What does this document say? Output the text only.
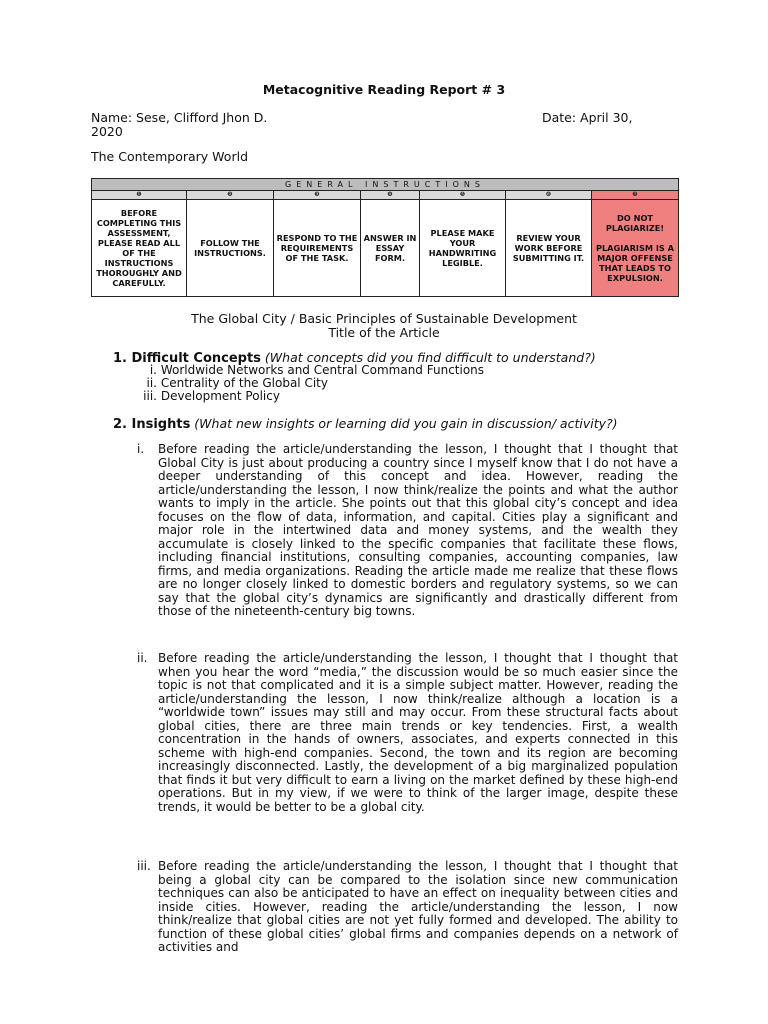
Metacognitive Reading Report # 3
Name: Sese, Clifford Jhon D.	Date: April 30,
2020
The Contemporary World
GENERAL INSTRUCTIONS						
❶	❷	❸	❹	❺	❻	❼
BEFORE COMPLETING THIS ASSESSMENT, PLEASE READ ALL OF THE INSTRUCTIONS THOROUGHLY AND CAREFULLY.	FOLLOW THE INSTRUCTIONS.	RESPOND TO THE REQUIREMENTS OF THE TASK.	ANSWER IN ESSAY FORM.	PLEASE MAKE YOUR HANDWRITING LEGIBLE.	REVIEW YOUR WORK BEFORE SUBMITTING IT.	DO NOT PLAGIARIZE!
PLAGIARISM IS A MAJOR OFFENSE THAT LEADS TO EXPULSION.
The Global City / Basic Principles of Sustainable Development
Title of the Article
1. Difficult Concepts (What concepts did you find difficult to understand?)
i. Worldwide Networks and Central Command Functions
ii. Centrality of the Global City
iii. Development Policy
2. Insights (What new insights or learning did you gain in discussion/ activity?)
i.	Before reading the article/understanding the lesson, I thought that I thought that Global City is just about producing a country since I myself know that I do not have a deeper understanding of this concept and idea. However, reading the article/understanding the lesson, I now think/realize the points and what the author wants to imply in the article. She points out that this global city’s concept and idea focuses on the flow of data, information, and capital. Cities play a significant and major role in the intertwined data and money systems, and the wealth they accumulate is closely linked to the specific companies that facilitate these flows, including financial institutions, consulting companies, accounting companies, law firms, and media organizations. Reading the article made me realize that these flows are no longer closely linked to domestic borders and regulatory systems, so we can say that the global city’s dynamics are significantly and drastically different from those of the nineteenth-century big towns.
ii. Before reading the article/understanding the lesson, I thought that I thought that when you hear the word “media,” the discussion would be so much easier since the topic is not that complicated and it is a simple subject matter. However, reading the article/understanding the lesson, I now think/realize although a location is a “worldwide town” issues may still and may occur. From these structural facts about global cities, there are three main trends or key tendencies. First, a wealth concentration in the hands of owners, associates, and experts connected in this scheme with high-end companies. Second, the town and its region are becoming increasingly disconnected. Lastly, the development of a big marginalized population that finds it but very difficult to earn a living on the market defined by these high-end operations. But in my view, if we were to think of the larger image, despite these trends, it would be better to be a global city.
iii. Before reading the article/understanding the lesson, I thought that I thought that being a global city can be compared to the isolation since new communication techniques can also be anticipated to have an effect on inequality between cities and inside cities. However, reading the article/understanding the lesson, I now think/realize that global cities are not yet fully formed and developed. The ability to function of these global cities’ global firms and companies depends on a network of activities and
